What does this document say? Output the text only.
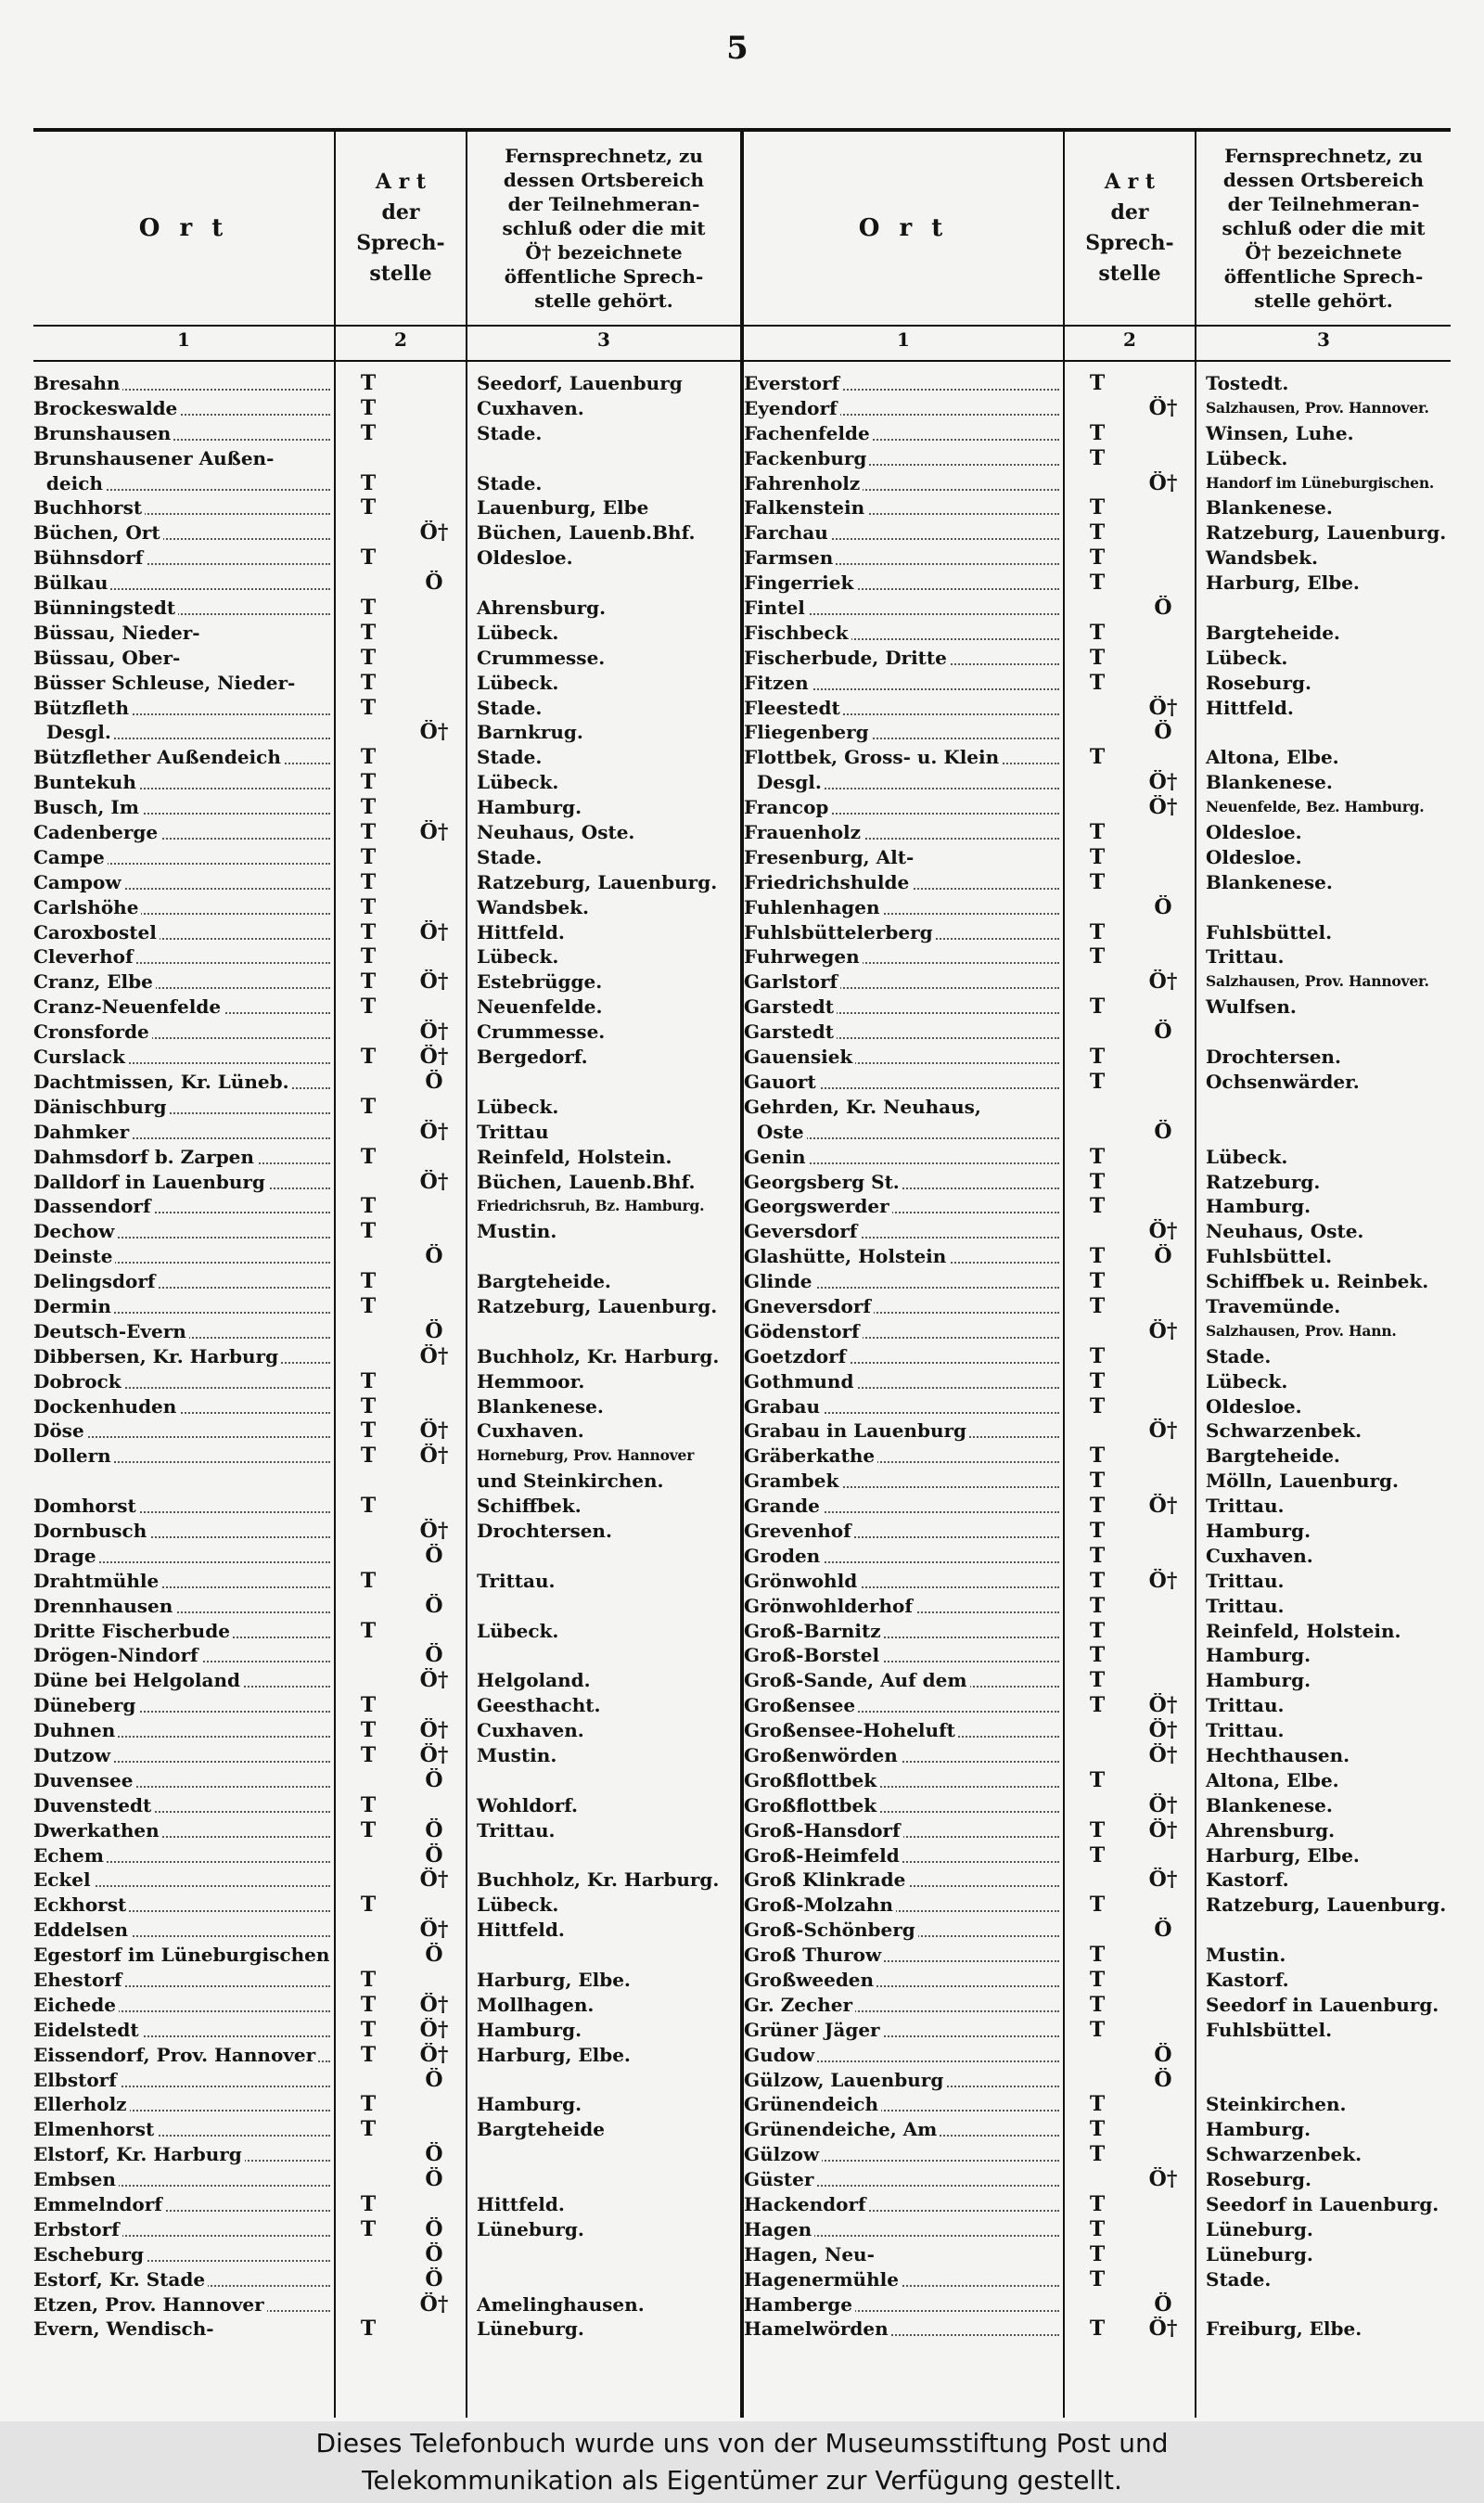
5
O r t
A r t
der
Sprech-
stelle
Fernsprechnetz, zu
dessen Ortsbereich
der Teilnehmeran-
schluß oder die mit
Ö† bezeichnete
öffentliche Sprech-
stelle gehört.
O r t
A r t
der
Sprech-
stelle
Fernsprechnetz, zu
dessen Ortsbereich
der Teilnehmeran-
schluß oder die mit
Ö† bezeichnete
öffentliche Sprech-
stelle gehört.
1	2	3	1	2	3
Bresahn	T	Seedorf, Lauenburg
Brockeswalde	T	Cuxhaven.
Brunshausen	T	Stade.
Brunshausener Außen-
deich	T	Stade.
Buchhorst	T	Lauenburg, Elbe
Büchen, Ort	Ö†	Büchen, Lauenb.Bhf.
Bühnsdorf	T	Oldesloe.
Bülkau	Ö
Bünningstedt	T	Ahrensburg.
Büssau, Nieder-	T	Lübeck.
Büssau, Ober-	T	Crummesse.
Büsser Schleuse, Nieder-	T	Lübeck.
Bützfleth	T	Stade.
Desgl.	Ö†	Barnkrug.
Bützflether Außendeich	T	Stade.
Buntekuh	T	Lübeck.
Busch, Im	T	Hamburg.
Cadenberge	T	Ö†	Neuhaus, Oste.
Campe	T	Stade.
Campow	T	Ratzeburg, Lauenburg.
Carlshöhe	T	Wandsbek.
Caroxbostel	T	Ö†	Hittfeld.
Cleverhof	T	Lübeck.
Cranz, Elbe	T	Ö†	Estebrügge.
Cranz-Neuenfelde	T	Neuenfelde.
Cronsforde	Ö†	Crummesse.
Curslack	T	Ö†	Bergedorf.
Dachtmissen, Kr. Lüneb.	Ö
Dänischburg	T	Lübeck.
Dahmker	Ö†	Trittau
Dahmsdorf b. Zarpen	T	Reinfeld, Holstein.
Dalldorf in Lauenburg	Ö†	Büchen, Lauenb.Bhf.
Dassendorf	T	Friedrichsruh, Bz. Hamburg.
Dechow	T	Mustin.
Deinste	Ö
Delingsdorf	T	Bargteheide.
Dermin	T	Ratzeburg, Lauenburg.
Deutsch-Evern	Ö
Dibbersen, Kr. Harburg	Ö†	Buchholz, Kr. Harburg.
Dobrock	T	Hemmoor.
Dockenhuden	T	Blankenese.
Döse	T	Ö†	Cuxhaven.
Dollern	T	Ö†	Horneburg, Prov. Hannover
und Steinkirchen.
Domhorst	T	Schiffbek.
Dornbusch	Ö†	Drochtersen.
Drage	Ö
Drahtmühle	T	Trittau.
Drennhausen	Ö
Dritte Fischerbude	T	Lübeck.
Drögen-Nindorf	Ö
Düne bei Helgoland	Ö†	Helgoland.
Düneberg	T	Geesthacht.
Duhnen	T	Ö†	Cuxhaven.
Dutzow	T	Ö†	Mustin.
Duvensee	Ö
Duvenstedt	T	Wohldorf.
Dwerkathen	T	Ö	Trittau.
Echem	Ö
Eckel	Ö†	Buchholz, Kr. Harburg.
Eckhorst	T	Lübeck.
Eddelsen	Ö†	Hittfeld.
Egestorf im Lüneburgischen	Ö
Ehestorf	T	Harburg, Elbe.
Eichede	T	Ö†	Mollhagen.
Eidelstedt	T	Ö†	Hamburg.
Eissendorf, Prov. Hannover	T	Ö†	Harburg, Elbe.
Elbstorf	Ö
Ellerholz	T	Hamburg.
Elmenhorst	T	Bargteheide
Elstorf, Kr. Harburg	Ö
Embsen	Ö
Emmelndorf	T	Hittfeld.
Erbstorf	T	Ö	Lüneburg.
Escheburg	Ö
Estorf, Kr. Stade	Ö
Etzen, Prov. Hannover	Ö†	Amelinghausen.
Evern, Wendisch-	T	Lüneburg.
Everstorf	T	Tostedt.
Eyendorf	Ö†	Salzhausen, Prov. Hannover.
Fachenfelde	T	Winsen, Luhe.
Fackenburg	T	Lübeck.
Fahrenholz	Ö†	Handorf im Lüneburgischen.
Falkenstein	T	Blankenese.
Farchau	T	Ratzeburg, Lauenburg.
Farmsen	T	Wandsbek.
Fingerriek	T	Harburg, Elbe.
Fintel	Ö
Fischbeck	T	Bargteheide.
Fischerbude, Dritte	T	Lübeck.
Fitzen	T	Roseburg.
Fleestedt	Ö†	Hittfeld.
Fliegenberg	Ö
Flottbek, Gross- u. Klein	T	Altona, Elbe.
Desgl.	Ö†	Blankenese.
Francop	Ö†	Neuenfelde, Bez. Hamburg.
Frauenholz	T	Oldesloe.
Fresenburg, Alt-	T	Oldesloe.
Friedrichshulde	T	Blankenese.
Fuhlenhagen	Ö
Fuhlsbüttelerberg	T	Fuhlsbüttel.
Fuhrwegen	T	Trittau.
Garlstorf	Ö†	Salzhausen, Prov. Hannover.
Garstedt	T	Wulfsen.
Garstedt	Ö
Gauensiek	T	Drochtersen.
Gauort	T	Ochsenwärder.
Gehrden, Kr. Neuhaus,
Oste	Ö
Genin	T	Lübeck.
Georgsberg St.	T	Ratzeburg.
Georgswerder	T	Hamburg.
Geversdorf	Ö†	Neuhaus, Oste.
Glashütte, Holstein	T	Ö	Fuhlsbüttel.
Glinde	T	Schiffbek u. Reinbek.
Gneversdorf	T	Travemünde.
Gödenstorf	Ö†	Salzhausen, Prov. Hann.
Goetzdorf	T	Stade.
Gothmund	T	Lübeck.
Grabau	T	Oldesloe.
Grabau in Lauenburg	Ö†	Schwarzenbek.
Gräberkathe	T	Bargteheide.
Grambek	T	Mölln, Lauenburg.
Grande	T	Ö†	Trittau.
Grevenhof	T	Hamburg.
Groden	T	Cuxhaven.
Grönwohld	T	Ö†	Trittau.
Grönwohlderhof	T	Trittau.
Groß-Barnitz	T	Reinfeld, Holstein.
Groß-Borstel	T	Hamburg.
Groß-Sande, Auf dem	T	Hamburg.
Großensee	T	Ö†	Trittau.
Großensee-Hoheluft	Ö†	Trittau.
Großenwörden	Ö†	Hechthausen.
Großflottbek	T	Altona, Elbe.
Großflottbek	Ö†	Blankenese.
Groß-Hansdorf	T	Ö†	Ahrensburg.
Groß-Heimfeld	T	Harburg, Elbe.
Groß Klinkrade	Ö†	Kastorf.
Groß-Molzahn	T	Ratzeburg, Lauenburg.
Groß-Schönberg	Ö
Groß Thurow	T	Mustin.
Großweeden	T	Kastorf.
Gr. Zecher	T	Seedorf in Lauenburg.
Grüner Jäger	T	Fuhlsbüttel.
Gudow	Ö
Gülzow, Lauenburg	Ö
Grünendeich	T	Steinkirchen.
Grünendeiche, Am	T	Hamburg.
Gülzow	T	Schwarzenbek.
Güster	Ö†	Roseburg.
Hackendorf	T	Seedorf in Lauenburg.
Hagen	T	Lüneburg.
Hagen, Neu-	T	Lüneburg.
Hagenermühle	T	Stade.
Hamberge	Ö
Hamelwörden	T	Ö†	Freiburg, Elbe.
Dieses Telefonbuch wurde uns von der Museumsstiftung Post und
Telekommunikation als Eigentümer zur Verfügung gestellt.
